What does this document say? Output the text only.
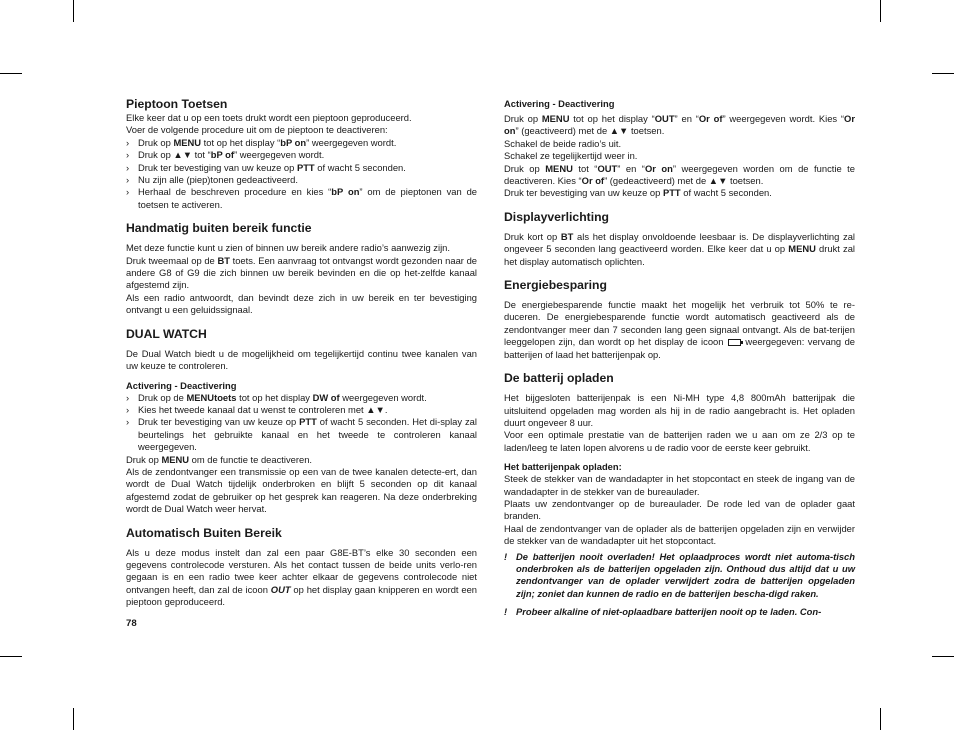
Pieptoon Toetsen

Elke keer dat u op een toets drukt wordt een pieptoon geproduceerd.

Voer de volgende procedure uit om de pieptoon te deactiveren:

› Druk op MENU tot op het display “bP on” weergegeven wordt.
› Druk op ▲▼ tot “bP of” weergegeven wordt.
› Druk ter bevestiging van uw keuze op PTT of wacht 5 seconden.
› Nu zijn alle (piep)tonen gedeactiveerd.
› Herhaal de beschreven procedure en kies “bP on” om de pieptonen van de toetsen te activeren.
Handmatig buiten bereik functie

Met deze functie kunt u zien of binnen uw bereik andere radio’s aanwezig zijn.

Druk tweemaal op de BT toets. Een aanvraag tot ontvangst wordt gezonden naar de andere G8 of G9 die zich binnen uw bereik bevinden en die op het-zelfde kanaal afgestemd zijn.

Als een radio antwoordt, dan bevindt deze zich in uw bereik en ter bevestiging ontvangt u een geluidssignaal.

DUAL WATCH

De Dual Watch biedt u de mogelijkheid om tegelijkertijd continu twee kanalen van uw keuze te controleren.

Activering - Deactivering
› Druk op de MENUtoets tot op het display DW of weergegeven wordt.
› Kies het tweede kanaal dat u wenst te controleren met ▲▼.
› Druk ter bevestiging van uw keuze op PTT of wacht 5 seconden. Het di-splay zal beurtelings het gebruikte kanaal en het tweede te controleren kanaal weergegeven.

Druk op MENU om de functie te deactiveren.

Als de zendontvanger een transmissie op een van de twee kanalen detecte-ert, dan wordt de Dual Watch tijdelijk onderbroken en blijft 5 seconden op dit kanaal afgestemd zodat de gebruiker op het gesprek kan reageren. Na deze onderbreking wordt de Dual Watch weer hervat.

Automatisch Buiten Bereik

Als u deze modus instelt dan zal een paar G8E-BT’s elke 30 seconden een gegevens controlecode versturen. Als het contact tussen de beide units verlo-ren gegaan is en een radio twee keer achter elkaar de gegevens controlecode niet ontvangen heeft, dan zal de icoon OUT op het display gaan knipperen en wordt een pieptoon geproduceerd.

78
Activering - Deactivering

Druk op MENU tot op het display “OUT” en “Or of” weergegeven wordt. Kies “Or on” (geactiveerd) met de ▲▼ toetsen.

Schakel de beide radio’s uit.

Schakel ze tegelijkertijd weer in.

Druk op MENU tot “OUT” en “Or on” weergegeven worden om de functie te deactiveren. Kies “Or of” (gedeactiveerd) met de ▲▼ toetsen.

Druk ter bevestiging van uw keuze op PTT of wacht 5 seconden.

Displayverlichting

Druk kort op BT als het display onvoldoende leesbaar is. De displayverlichting zal ongeveer 5 seconden lang geactiveerd worden. Elke keer dat u op MENU drukt zal het display automatisch oplichten.

Energiebesparing

De energiebesparende functie maakt het mogelijk het verbruik tot 50% te re-duceren. De energiebesparende functie wordt automatisch geactiveerd als de zendontvanger meer dan 7 seconden lang geen signaal ontvangt. Als de bat-terijen leeggelopen zijn, dan wordt op het display de icoon weergegeven: vervang de batterijen of laad het batterijenpak op.

De batterij opladen

Het bijgesloten batterijenpak is een Ni-MH type 4,8 800mAh batterijpak die uitsluitend opgeladen mag worden als hij in de radio aangebracht is. Het opladen duurt ongeveer 8 uur.

Voor een optimale prestatie van de batterijen raden we u aan om ze 2/3 op te laden/leeg te laten lopen alvorens u de radio voor de eerste keer gebruikt.

Het batterijenpak opladen:

Steek de stekker van de wandadapter in het stopcontact en steek de ingang van de wandadapter in de stekker van de bureaulader.

Plaats uw zendontvanger op de bureaulader. De rode led van de oplader gaat branden.

Haal de zendontvanger van de oplader als de batterijen opgeladen zijn en verwijder de stekker van de wandadapter uit het stopcontact.

! De batterijen nooit overladen! Het oplaadproces wordt niet automa-tisch onderbroken als de batterijen opgeladen zijn. Onthoud dus altijd dat u uw zendontvanger van de oplader verwijdert zodra de batterijen opgeladen zijn; zoniet dan kunnen de radio en de batterijen bescha-digd raken.
! Probeer alkaline of niet-oplaadbare batterijen nooit op te laden. Con-
